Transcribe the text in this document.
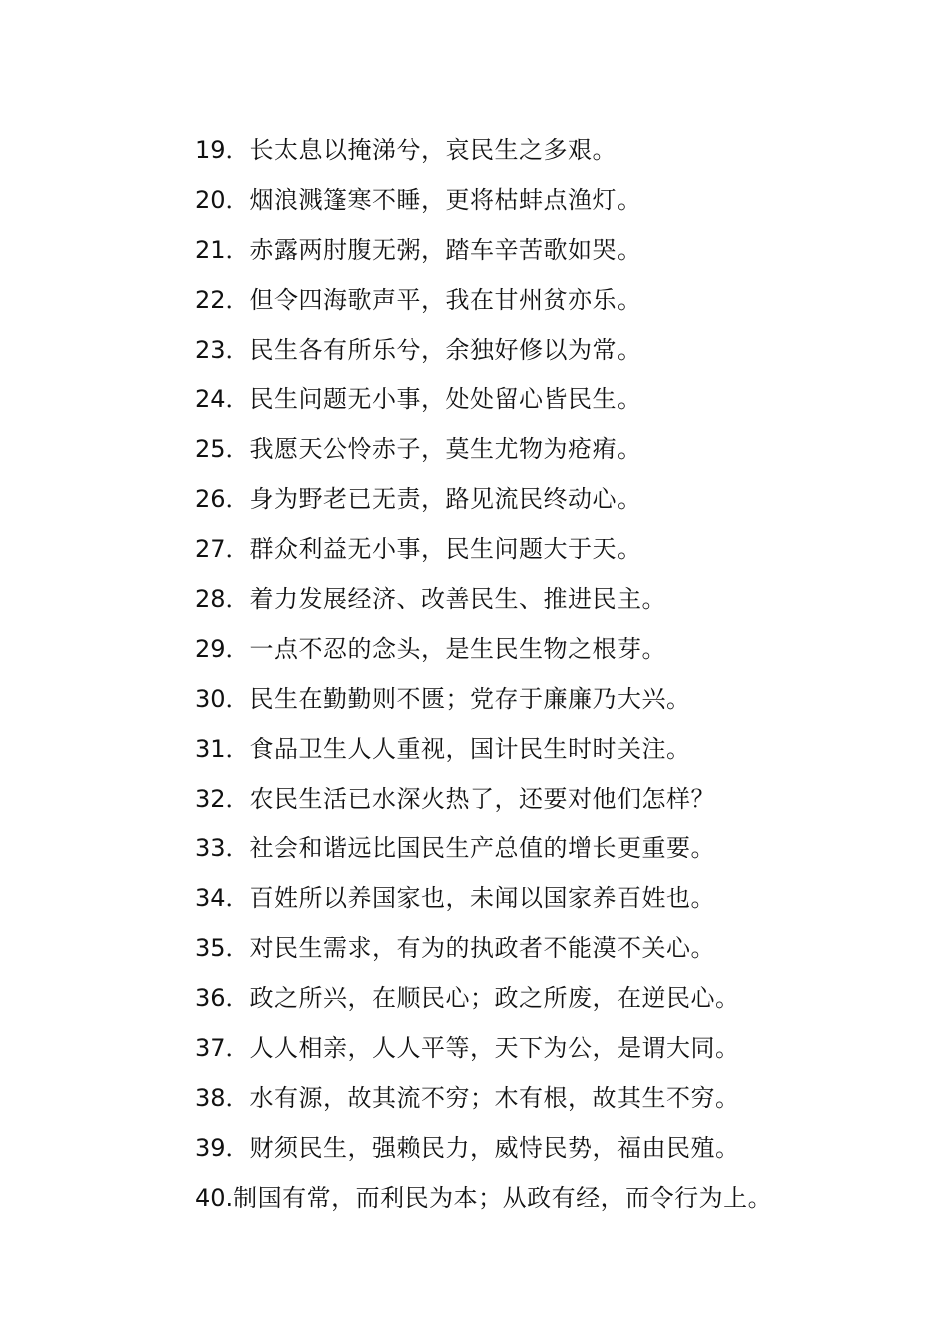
19．长太息以掩涕兮，哀民生之多艰。
20．烟浪溅篷寒不睡，更将枯蚌点渔灯。
21．赤露两肘腹无粥，踏车辛苦歌如哭。
22．但令四海歌声平，我在甘州贫亦乐。
23．民生各有所乐兮，余独好修以为常。
24．民生问题无小事，处处留心皆民生。
25．我愿天公怜赤子，莫生尤物为疮痏。
26．身为野老已无责，路见流民终动心。
27．群众利益无小事，民生问题大于天。
28．着力发展经济、改善民生、推进民主。
29．一点不忍的念头，是生民生物之根芽。
30．民生在勤勤则不匮；党存于廉廉乃大兴。
31．食品卫生人人重视，国计民生时时关注。
32．农民生活已水深火热了，还要对他们怎样？
33．社会和谐远比国民生产总值的增长更重要。
34．百姓所以养国家也，未闻以国家养百姓也。
35．对民生需求，有为的执政者不能漠不关心。
36．政之所兴，在顺民心；政之所废，在逆民心。
37．人人相亲，人人平等，天下为公，是谓大同。
38．水有源，故其流不穷；木有根，故其生不穷。
39．财须民生，强赖民力，威恃民势，福由民殖。
40.制国有常，而利民为本；从政有经，而令行为上。
